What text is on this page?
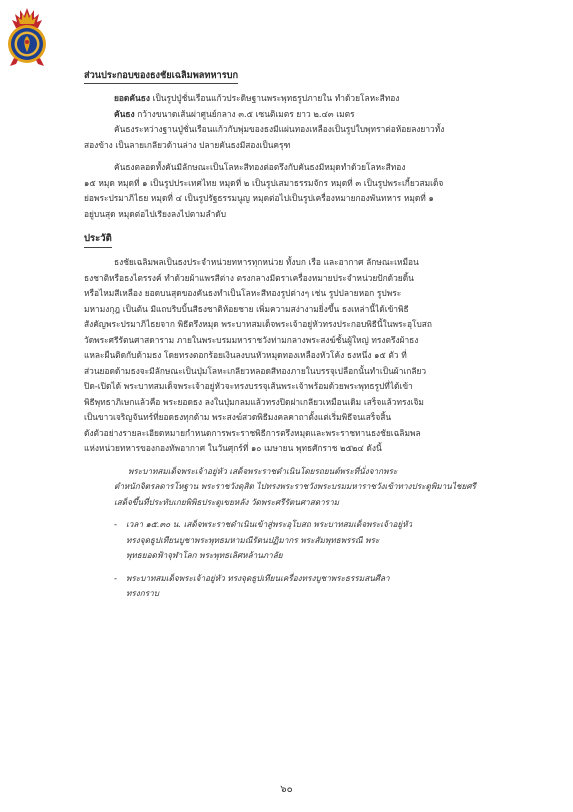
ส่วนประกอบของธงชัยเฉลิมพลทหารบก

ยอดคันธง เป็นรูปปู่ชั่นเรือนแก้วประดิษฐานพระพุทธรูปภายใน ทำด้วยโลหะสีทอง

คันธง กว้างขนาดเส้นผ่าศูนย์กลาง ๓.๕ เซนติเมตร ยาว ๒.๔๓ เมตร

คันธงระหว่างฐานปู่ชั่นเรือนแก้วกับพุ่มของธงมีแผ่นทองเหลืองเป็นรูปใบพุทราต่อห้อยลงยาวทั้ง
สองข้าง เป็นลายเกลียวด้านล่าง ปลายคันธงมีสองเป็นครุฑ

คันธงตลอดทั้งคันมีลักษณะเป็นโลหะสีทองต่อตรึงกับคันธงมีหมุดทำด้วยโลหะสีทอง
๑๕ หมุด หมุดที่ ๑ เป็นรูปประเทศไทย หมุดที่ ๒ เป็นรูปเสมาธรรมจักร หมุดที่ ๓ เป็นรูปพระเกี้ยวสมเด็จ
ย่อพระปรมาภิไธย หมุดที่ ๔ เป็นรูปรัฐธรรมนูญ หมุดต่อไปเป็นรูปเครื่องหมายกองพันทหาร หมุดที่ ๑
อยู่บนสุด หมุดต่อไปเรียงลงไปตามลำดับ

ประวัติ

ธงชัยเฉลิมพลเป็นธงประจำหน่วยทหารทุกหน่วย ทั้งบก เรือ และอากาศ ลักษณะเหมือน
ธงชาติหรือธงไตรรงค์ ทำด้วยผ้าแพรสีต่าง ตรงกลางมีตราเครื่องหมายประจำหน่วยปักด้วยดิ้น
หรือไหมสีเหลือง ยอดบนสุดของคันธงทำเป็นโลหะสีทองรูปต่างๆ เช่น รูปปลายหอก รูปพระ
มหามงกุฎ เป็นต้น มีแถบริบบิ้นสีธงชาติห้อยชาย เพิ่มความสง่างามยิ่งขึ้น ธงเหล่านี้ได้เข้าพิธี
สังคัญพระปรมาภิไธยจาก พิธีตรึงหมุด พระบาทสมเด็จพระเจ้าอยู่หัวทรงประกอบพิธีนี้ในพระอุโบสถ
วัดพระศรีรัตนศาสดาราม ภายในพระบรมมหาราชวังท่ามกลางพระสงฆ์ชั้นผู้ใหญ่ ทรงตรึงผ้าธง
แหละผืนติดกับด้ามธง โดยทรงตอกร้อยเงินลงบนหัวหมุดทองเหลืองหัวโค้ง ธงหนึ่ง ๑๕ ตัว ที่
ส่วนยอดด้ามธงจะมีลักษณะเป็นปุ่มโลหะเกลียวหลอดสีทองภายในบรรจุเปลือกนั้นทำเป็นผ้าเกลียว
ปิด-เปิดได้ พระบาทสมเด็จพระเจ้าอยู่หัวจะทรงบรรจุเส้นพระเจ้าพร้อมด้วยพระพุทธรูปที่ได้เข้า
พิธีพุทธาภิเษกแล้วคือ พระยอดธง ลงในปุ่มกลมแล้วทรงปิดฝาเกลียวเหมือนเดิม เสร็จแล้วทรงเจิม
เป็นขาวเจริญจันทร์ที่ยอดธงทุกด้าม พระสงฆ์สวดพิธีมงคลคาถาตั้งแต่เริ่มพิธีจนเสร็จสิ้น
ดังตัวอย่างรายละเอียดหมายกำหนดการพระราชพิธีการตรึงหมุดและพระราชทานธงชัยเฉลิมพล
แห่งหน่วยทหารของกองทัพอากาศ ในวันศุกร์ที่ ๑๐ เมษายน พุทธศักราช ๒๕๒๔ ดังนี้

พระบาทสมเด็จพระเจ้าอยู่หัว เสด็จพระราชดำเนินโดยรถยนต์พระที่นั่งจากพระ
ตำหนักจิตรลดารโหฐาน พระราชวังดุสิต ไปทรงพระราชวังพระบรมมหาราชวังเข้าทางประตูพิมานไชยศรี
เสด็จขึ้นที่ประทับเกยพิพิธประตูเขยหลัง วัดพระศรีรัตนศาสดาราม

-	เวลา ๑๕.๓๐ น. เสด็จพระราชดำเนินเข้าสู่พระอุโบสถ พระบาทสมเด็จพระเจ้าอยู่หัว
ทรงจุดธูปเทียนบูชาพระพุทธมหามณีรัตนปฏิมากร พระสัมพุทธพรรณี พระ
พุทธยอดฟ้าจุฬาโลก พระพุทธเลิศหล้านภาลัย
-	พระบาทสมเด็จพระเจ้าอยู่หัว ทรงจุดธูปเทียนเครื่องทรงบูชาพระธรรมสนศีลา
ทรงกราบ
๖๐
